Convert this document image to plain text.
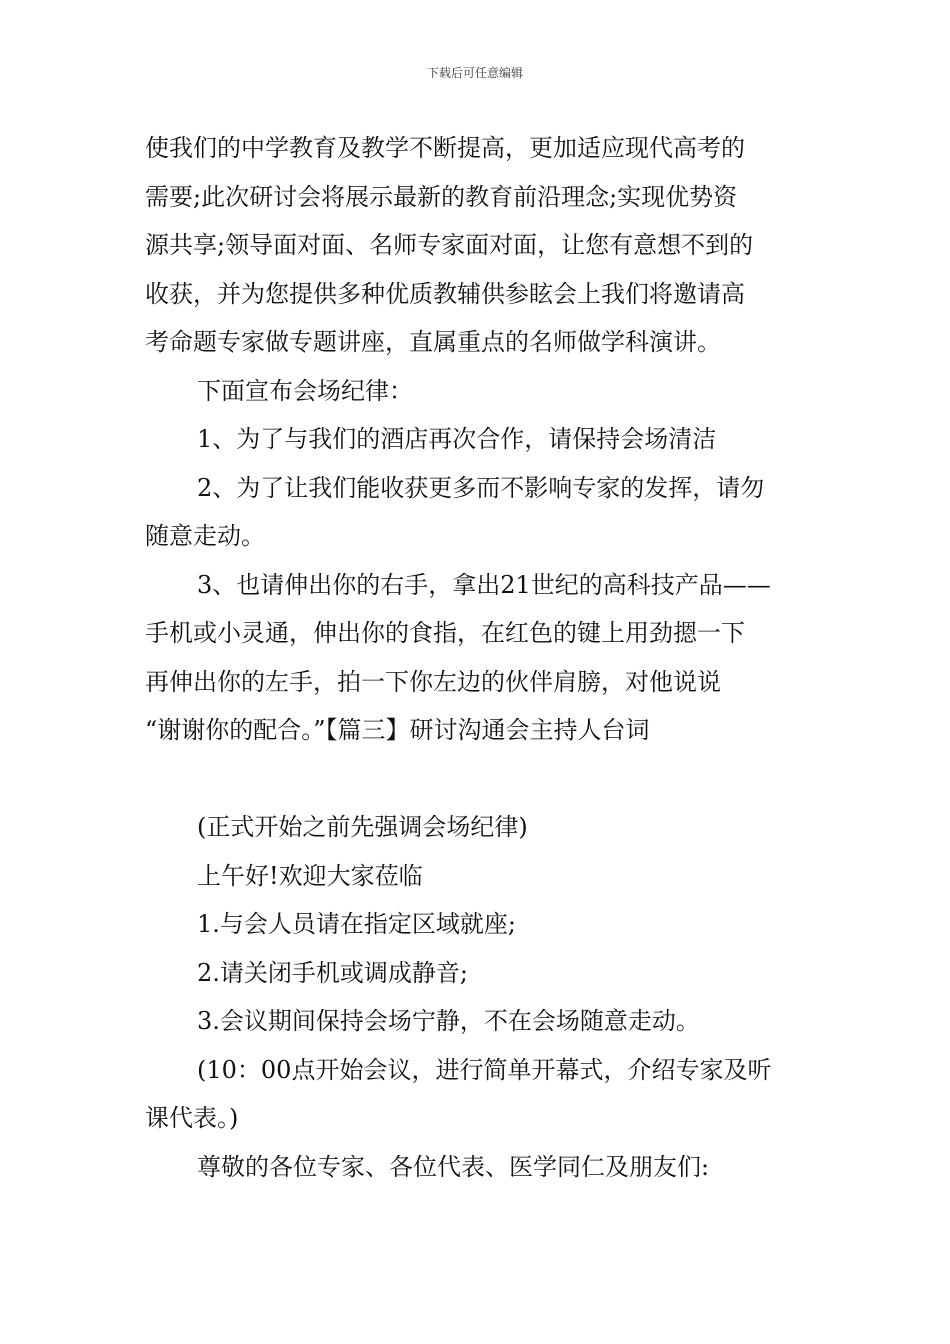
下载后可任意编辑

使我们的中学教育及教学不断提高，更加适应现代高考的

需要;此次研讨会将展示最新的教育前沿理念;实现优势资

源共享;领导面对面、名师专家面对面，让您有意想不到的

收获，并为您提供多种优质教辅供参眩会上我们将邀请高

考命题专家做专题讲座，直属重点的名师做学科演讲。

下面宣布会场纪律：

1、为了与我们的酒店再次合作，请保持会场清洁

2、为了让我们能收获更多而不影响专家的发挥，请勿

随意走动。

3、也请伸出你的右手，拿出21世纪的高科技产品——

手机或小灵通，伸出你的食指，在红色的键上用劲摁一下

再伸出你的左手，拍一下你左边的伙伴肩膀，对他说说

“谢谢你的配合。”【篇三】研讨沟通会主持人台词

(正式开始之前先强调会场纪律)

上午好!欢迎大家莅临

1.与会人员请在指定区域就座;

2.请关闭手机或调成静音;

3.会议期间保持会场宁静，不在会场随意走动。

(10：00点开始会议，进行简单开幕式，介绍专家及听

课代表。)

尊敬的各位专家、各位代表、医学同仁及朋友们:
